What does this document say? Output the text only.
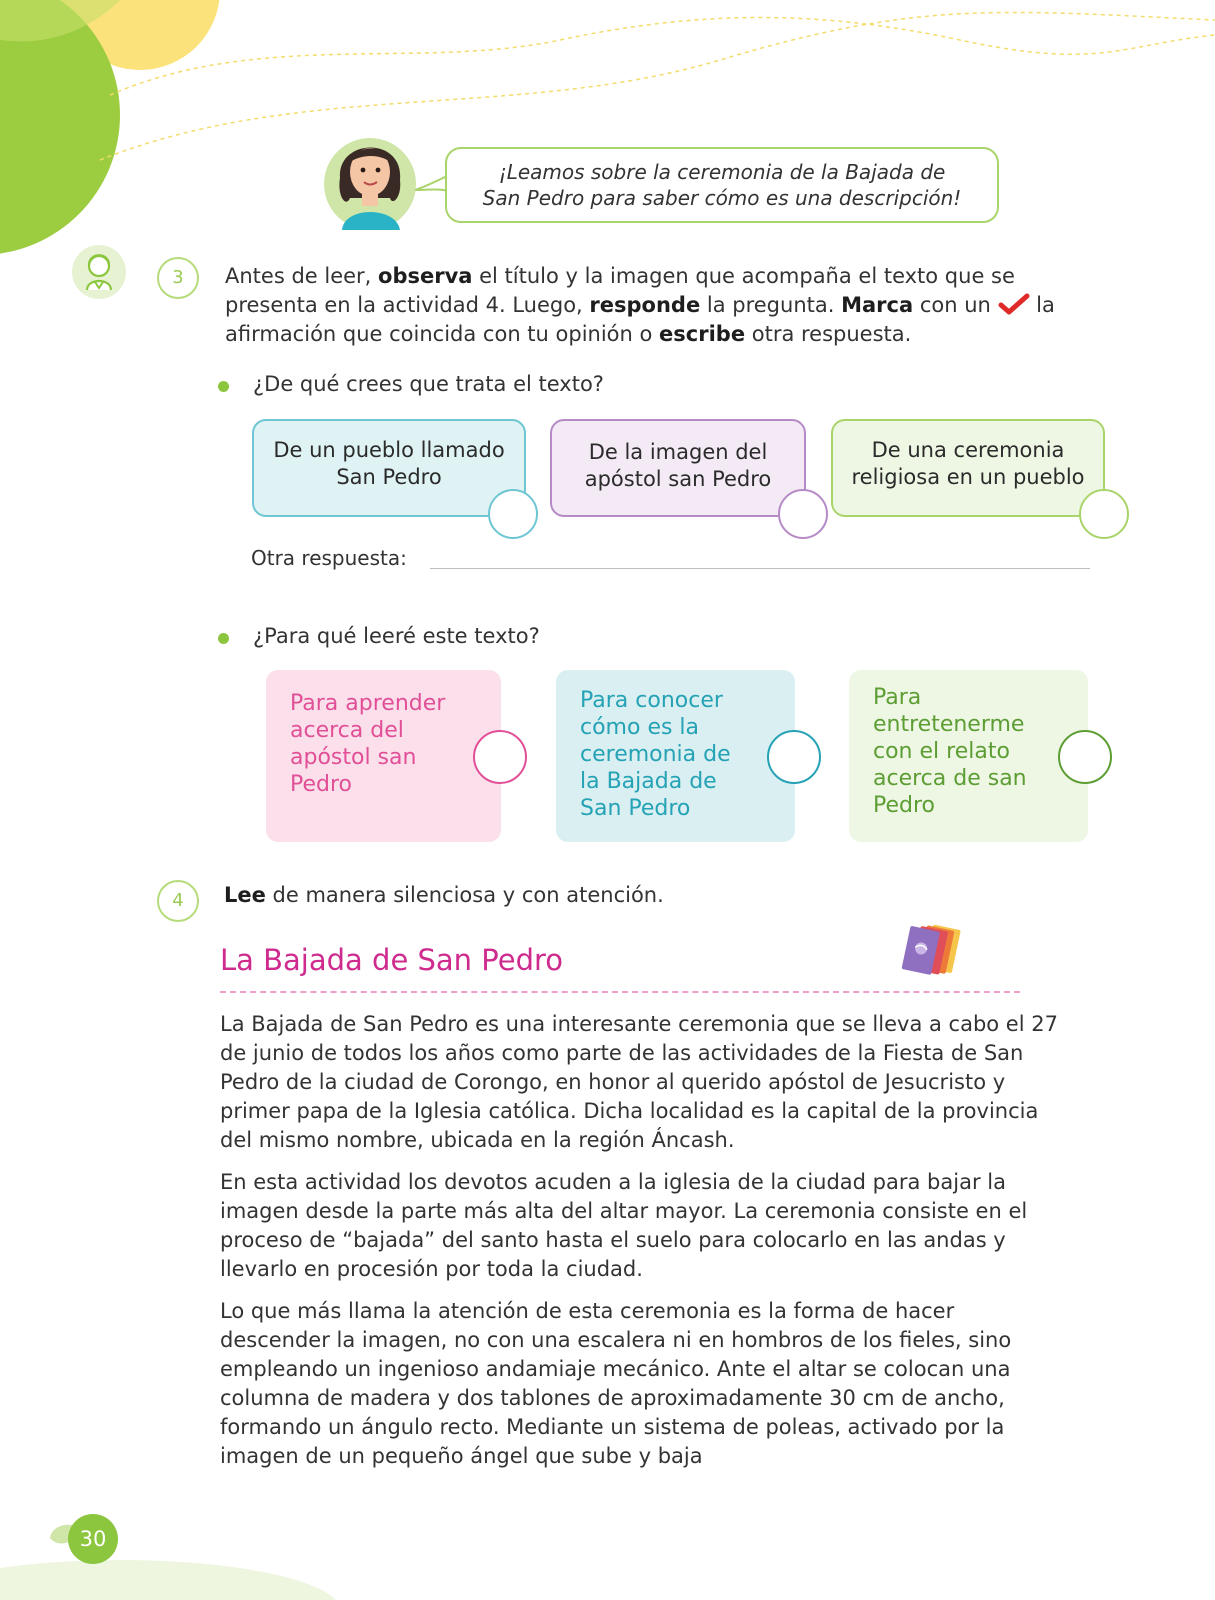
¡Leamos sobre la ceremonia de la Bajada de
San Pedro para saber cómo es una descripción!
3	Antes de leer, observa el título y la imagen que acompaña el texto que se presenta en la actividad 4. Luego, responde la pregunta. Marca con un  la afirmación que coincida con tu opinión o escribe otra respuesta.
¿De qué crees que trata el texto?
De un pueblo llamado
San Pedro
De la imagen del
apóstol san Pedro
De una ceremonia
religiosa en un pueblo
Otra respuesta:
¿Para qué leeré este texto?
Para aprender
acerca del
apóstol san
Pedro
Para conocer
cómo es la
ceremonia de
la Bajada de
San Pedro
Para
entretenerme
con el relato
acerca de san
Pedro
4	Lee de manera silenciosa y con atención.
La Bajada de San Pedro

La Bajada de San Pedro es una interesante ceremonia que se lleva a cabo el 27 de junio de todos los años como parte de las actividades de la Fiesta de San Pedro de la ciudad de Corongo, en honor al querido apóstol de Jesucristo y primer papa de la Iglesia católica. Dicha localidad es la capital de la provincia del mismo nombre, ubicada en la región Áncash.

En esta actividad los devotos acuden a la iglesia de la ciudad para bajar la imagen desde la parte más alta del altar mayor. La ceremonia consiste en el proceso de “bajada” del santo hasta el suelo para colocarlo en las andas y llevarlo en procesión por toda la ciudad.

Lo que más llama la atención de esta ceremonia es la forma de hacer descender la imagen, no con una escalera ni en hombros de los fieles, sino empleando un ingenioso andamiaje mecánico. Ante el altar se colocan una columna de madera y dos tablones de aproximadamente 30 cm de ancho, formando un ángulo recto. Mediante un sistema de poleas, activado por la imagen de un pequeño ángel que sube y baja

30
